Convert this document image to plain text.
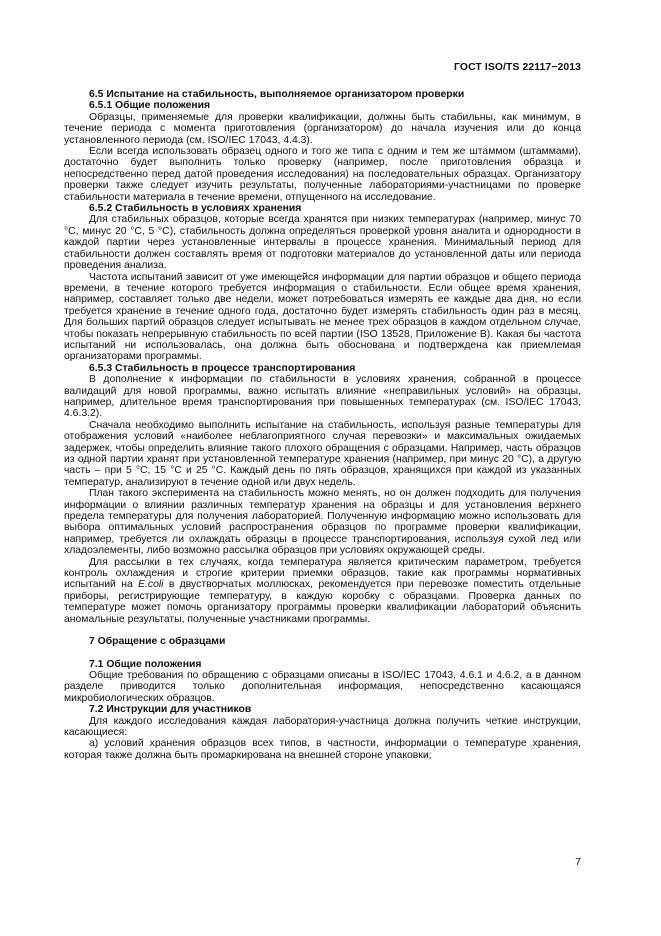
ГОСТ ISO/TS 22117−2013
6.5 Испытание на стабильность, выполняемое организатором проверки
6.5.1 Общие положения

Образцы, применяемые для проверки квалификации, должны быть стабильны, как минимум, в течение периода с момента приготовления (организатором) до начала изучения или до конца установленного периода (см. ISO/IEC 17043, 4.4.3).

Если всегда использовать образец одного и того же типа с одним и тем же штаммом (штаммами), достаточно будет выполнить только проверку (например, после приготовления образца и непосредственно перед датой проведения исследования) на последовательных образцах. Организатору проверки также следует изучить результаты, полученные лабораториями-участницами по проверке стабильности материала в течение времени, отпущенного на исследование.

6.5.2 Стабильность в условиях хранения

Для стабильных образцов, которые всегда хранятся при низких температурах (например, минус 70 °C, минус 20 °C, 5 °C), стабильность должна определяться проверкой уровня аналита и однородности в каждой партии через установленные интервалы в процессе хранения. Минимальный период для стабильности должен составлять время от подготовки материалов до установленной даты или периода проведения анализа.

Частота испытаний зависит от уже имеющейся информации для партии образцов и общего периода времени, в течение которого требуется информация о стабильности. Если общее время хранения, например, составляет только две недели, может потребоваться измерять ее каждые два дня, но если требуется хранение в течение одного года, достаточно будет измерять стабильность один раз в месяц. Для больших партий образцов следует испытывать не менее трех образцов в каждом отдельном случае, чтобы показать непрерывную стабильность по всей партии (ISO 13528, Приложение B). Какая бы частота испытаний ни использовалась, она должна быть обоснована и подтверждена как приемлемая организаторами программы.

6.5.3 Стабильность в процессе транспортирования

В дополнение к информации по стабильности в условиях хранения, собранной в процессе валидаций для новой программы, важно испытать влияние «неправильных условий» на образцы, например, длительное время транспортирования при повышенных температурах (см. ISO/IEC 17043, 4.6.3.2).

Сначала необходимо выполнить испытание на стабильность, используя разные температуры для отображения условий «наиболее неблагоприятного случая перевозки» и максимальных ожидаемых задержек, чтобы определить влияние такого плохого обращения с образцами. Например, часть образцов из одной партии хранят при установленной температуре хранения (например, при минус 20 °C), а другую часть – при 5 °C, 15 °C и 25 °C. Каждый день по пять образцов, хранящихся при каждой из указанных температур, анализируют в течение одной или двух недель.

План такого эксперимента на стабильность можно менять, но он должен подходить для получения информации о влиянии различных температур хранения на образцы и для установления верхнего предела температуры для получения лабораторией. Полученную информацию можно использовать для выбора оптимальных условий распространения образцов по программе проверки квалификации, например, требуется ли охлаждать образцы в процессе транспортирования, используя сухой лед или хладоэлементы, либо возможно рассылка образцов при условиях окружающей среды.

Для рассылки в тех случаях, когда температура является критическим параметром, требуется контроль охлаждения и строгие критерии приемки образцов, такие как программы нормативных испытаний на E.coli в двустворчатых моллюсках, рекомендуется при перевозке поместить отдельные приборы, регистрирующие температуру, в каждую коробку с образцами. Проверка данных по температуре может помочь организатору программы проверки квалификации лабораторий объяснить аномальные результаты, полученные участниками программы.

7 Обращение с образцами
7.1 Общие положения

Общие требования по обращению с образцами описаны в ISO/IEC 17043, 4.6.1 и 4.6.2, а в данном разделе приводится только дополнительная информация, непосредственно касающаяся микробиологических образцов.

7.2 Инструкции для участников

Для каждого исследования каждая лаборатория-участница должна получить четкие инструкции, касающиеся:

а) условий хранения образцов всех типов, в частности, информации о температуре хранения, которая также должна быть промаркирована на внешней стороне упаковки;

7
